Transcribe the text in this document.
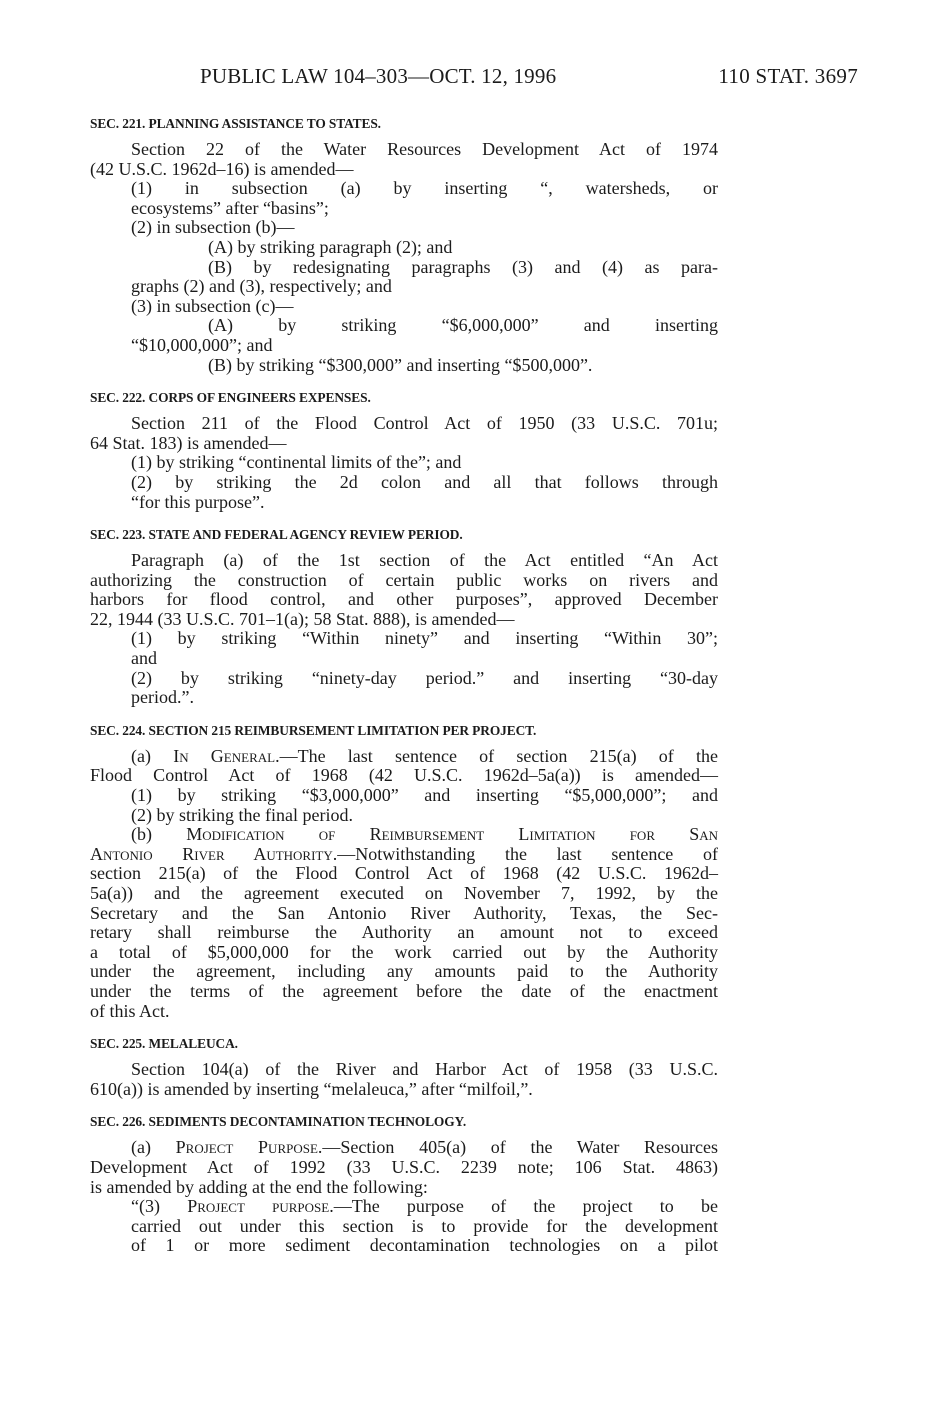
PUBLIC LAW 104–303—OCT. 12, 1996	110 STAT. 3697
SEC. 221. PLANNING ASSISTANCE TO STATES.
Section 22 of the Water Resources Development Act of 1974
(42 U.S.C. 1962d–16) is amended—
(1) in subsection (a) by inserting “, watersheds, or
ecosystems” after “basins”;
(2) in subsection (b)—
(A) by striking paragraph (2); and
(B) by redesignating paragraphs (3) and (4) as para-
graphs (2) and (3), respectively; and
(3) in subsection (c)—
(A) by striking “$6,000,000” and inserting
“$10,000,000”; and
(B) by striking “$300,000” and inserting “$500,000”.
SEC. 222. CORPS OF ENGINEERS EXPENSES.
Section 211 of the Flood Control Act of 1950 (33 U.S.C. 701u;
64 Stat. 183) is amended—
(1) by striking “continental limits of the”; and
(2) by striking the 2d colon and all that follows through
“for this purpose”.
SEC. 223. STATE AND FEDERAL AGENCY REVIEW PERIOD.
Paragraph (a) of the 1st section of the Act entitled “An Act
authorizing the construction of certain public works on rivers and
harbors for flood control, and other purposes”, approved December
22, 1944 (33 U.S.C. 701–1(a); 58 Stat. 888), is amended—
(1) by striking “Within ninety” and inserting “Within 30”;
and
(2) by striking “ninety-day period.” and inserting “30-day
period.”.
SEC. 224. SECTION 215 REIMBURSEMENT LIMITATION PER PROJECT.
(a) In General.—The last sentence of section 215(a) of the
Flood Control Act of 1968 (42 U.S.C. 1962d–5a(a)) is amended—
(1) by striking “$3,000,000” and inserting “$5,000,000”; and
(2) by striking the final period.
(b) Modification of Reimbursement Limitation for San
Antonio River Authority.—Notwithstanding the last sentence of
section 215(a) of the Flood Control Act of 1968 (42 U.S.C. 1962d–
5a(a)) and the agreement executed on November 7, 1992, by the
Secretary and the San Antonio River Authority, Texas, the Sec-
retary shall reimburse the Authority an amount not to exceed
a total of $5,000,000 for the work carried out by the Authority
under the agreement, including any amounts paid to the Authority
under the terms of the agreement before the date of the enactment
of this Act.
SEC. 225. MELALEUCA.
Section 104(a) of the River and Harbor Act of 1958 (33 U.S.C.
610(a)) is amended by inserting “melaleuca,” after “milfoil,”.
SEC. 226. SEDIMENTS DECONTAMINATION TECHNOLOGY.
(a) Project Purpose.—Section 405(a) of the Water Resources
Development Act of 1992 (33 U.S.C. 2239 note; 106 Stat. 4863)
is amended by adding at the end the following:
“(3) Project purpose.—The purpose of the project to be
carried out under this section is to provide for the development
of 1 or more sediment decontamination technologies on a pilot
